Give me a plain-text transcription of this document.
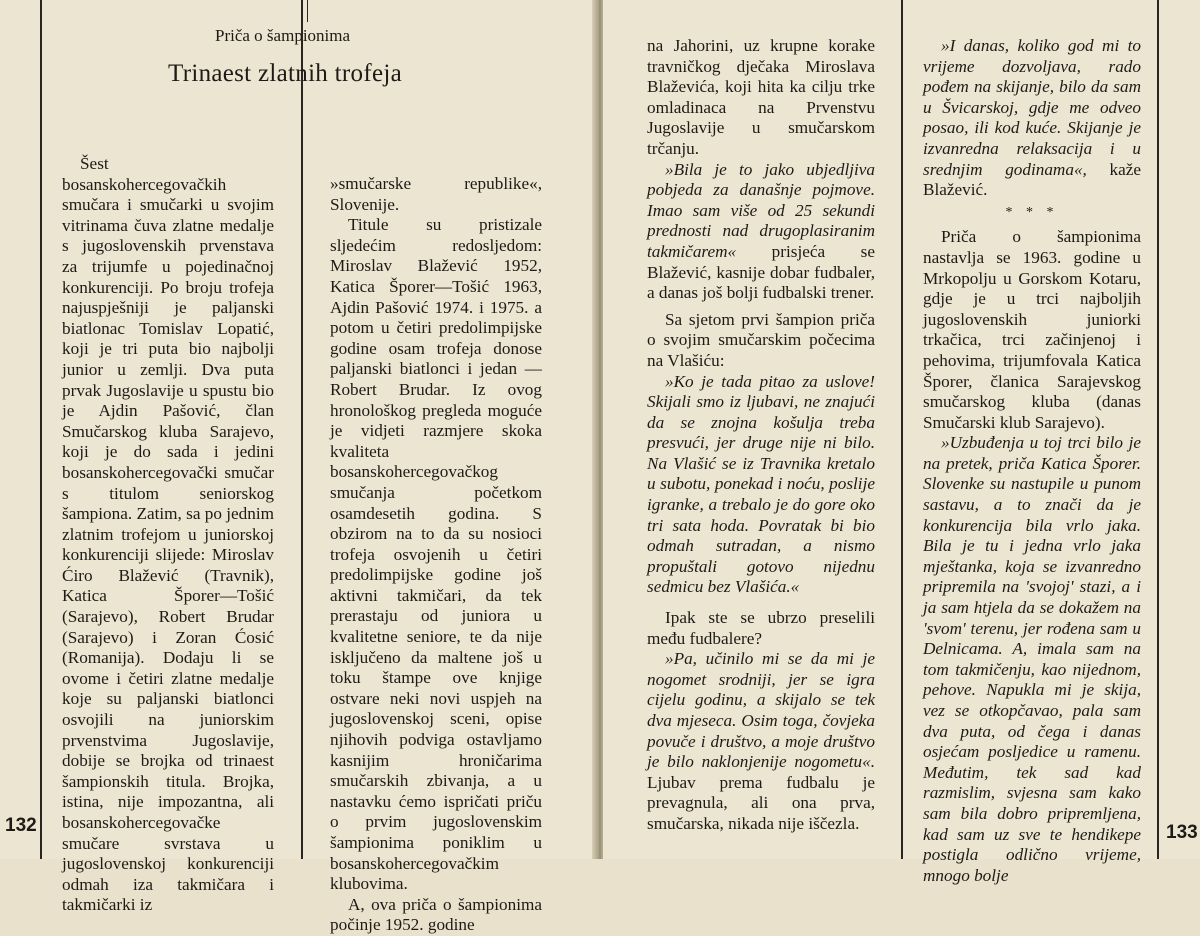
Priča o šampionima
Trinaest zlatnih trofeja

Šest bosanskohercegovačkih smučara i smučarki u svojim vitrinama čuva zlatne medalje s jugoslovenskih prvenstava za trijumfe u pojedinačnoj konkurenciji. Po broju trofeja najuspješniji je paljanski biatlonac Tomislav Lopatić, koji je tri puta bio najbolji junior u zemlji. Dva puta prvak Jugoslavije u spustu bio je Ajdin Pašović, član Smučarskog kluba Sarajevo, koji je do sada i jedini bosanskohercegovački smučar s titulom seniorskog šampiona. Zatim, sa po jednim zlatnim trofejom u juniorskoj konkurenciji slijede: Miroslav Ćiro Blažević (Travnik), Katica Šporer—Tošić (Sarajevo), Robert Brudar (Sarajevo) i Zoran Ćosić (Romanija). Dodaju li se ovome i četiri zlatne medalje koje su paljanski biatlonci osvojili na juniorskim prvenstvima Jugoslavije, dobije se brojka od trinaest šampionskih titula. Brojka, istina, nije impozantna, ali bosanskohercegovačke smučare svrstava u jugoslovenskoj konkurenciji odmah iza takmičara i takmičarki iz

»smučarske republike«, Slovenije.

Titule su pristizale sljedećim redosljedom: Miroslav Blažević 1952, Katica Šporer—Tošić 1963, Ajdin Pašović 1974. i 1975. a potom u četiri predolimpijske godine osam trofeja donose paljanski biatlonci i jedan — Robert Brudar. Iz ovog hronološkog pregleda moguće je vidjeti razmjere skoka kvaliteta bosanskohercegovačkog smučanja početkom osamdesetih godina. S obzirom na to da su nosioci trofeja osvojenih u četiri predolimpijske godine još aktivni takmičari, da tek prerastaju od juniora u kvalitetne seniore, te da nije isključeno da maltene još u toku štampe ove knjige ostvare neki novi uspjeh na jugoslovenskoj sceni, opise njihovih podviga ostavljamo kasnijim hroničarima smučarskih zbivanja, a u nastavku ćemo ispričati priču o prvim jugoslovenskim šampionima poniklim u bosanskohercegovačkim klubovima.

A, ova priča o šampionima počinje 1952. godine

132

na Jahorini, uz krupne korake travničkog dječaka Miroslava Blaževića, koji hita ka cilju trke omladinaca na Prvenstvu Jugoslavije u smučarskom trčanju.

»Bila je to jako ubjedljiva pobjeda za današnje pojmove. Imao sam više od 25 sekundi prednosti nad drugoplasiranim takmičarem« prisjeća se Blažević, kasnije dobar fudbaler, a danas još bolji fudbalski trener.

Sa sjetom prvi šampion priča o svojim smučarskim počecima na Vlašiću:

»Ko je tada pitao za uslove! Skijali smo iz ljubavi, ne znajući da se znojna košulja treba presvući, jer druge nije ni bilo. Na Vlašić se iz Travnika kretalo u subotu, ponekad i noću, poslije igranke, a trebalo je do gore oko tri sata hoda. Povratak bi bio odmah sutradan, a nismo propuštali gotovo nijednu sedmicu bez Vlašića.«

Ipak ste se ubrzo preselili među fudbalere?

»Pa, učinilo mi se da mi je nogomet srodniji, jer se igra cijelu godinu, a skijalo se tek dva mjeseca. Osim toga, čovjeka povuče i društvo, a moje društvo je bilo naklonjenije nogometu«. Ljubav prema fudbalu je prevagnula, ali ona prva, smučarska, nikada nije iščezla.

»I danas, koliko god mi to vrijeme dozvoljava, rado pođem na skijanje, bilo da sam u Švicarskoj, gdje me odveo posao, ili kod kuće. Skijanje je izvanredna relaksacija i u srednjim godinama«, kaže Blažević.

* * *

Priča o šampionima nastavlja se 1963. godine u Mrkopolju u Gorskom Kotaru, gdje je u trci najboljih jugoslovenskih juniorki trkačica, trci začinjenoj i pehovima, trijumfovala Katica Šporer, članica Sarajevskog smučarskog kluba (danas Smučarski klub Sarajevo).

»Uzbuđenja u toj trci bilo je na pretek, priča Katica Šporer. Slovenke su nastupile u punom sastavu, a to znači da je konkurencija bila vrlo jaka. Bila je tu i jedna vrlo jaka mještanka, koja se izvanredno pripremila na 'svojoj' stazi, a i ja sam htjela da se dokažem na 'svom' terenu, jer rođena sam u Delnicama. A, imala sam na tom takmičenju, kao nijednom, pehove. Napukla mi je skija, vez se otkopčavao, pala sam dva puta, od čega i danas osjećam posljedice u ramenu. Međutim, tek sad kad razmislim, svjesna sam kako sam bila dobro pripremljena, kad sam uz sve te hendikepe postigla odlično vrijeme, mnogo bolje

133
